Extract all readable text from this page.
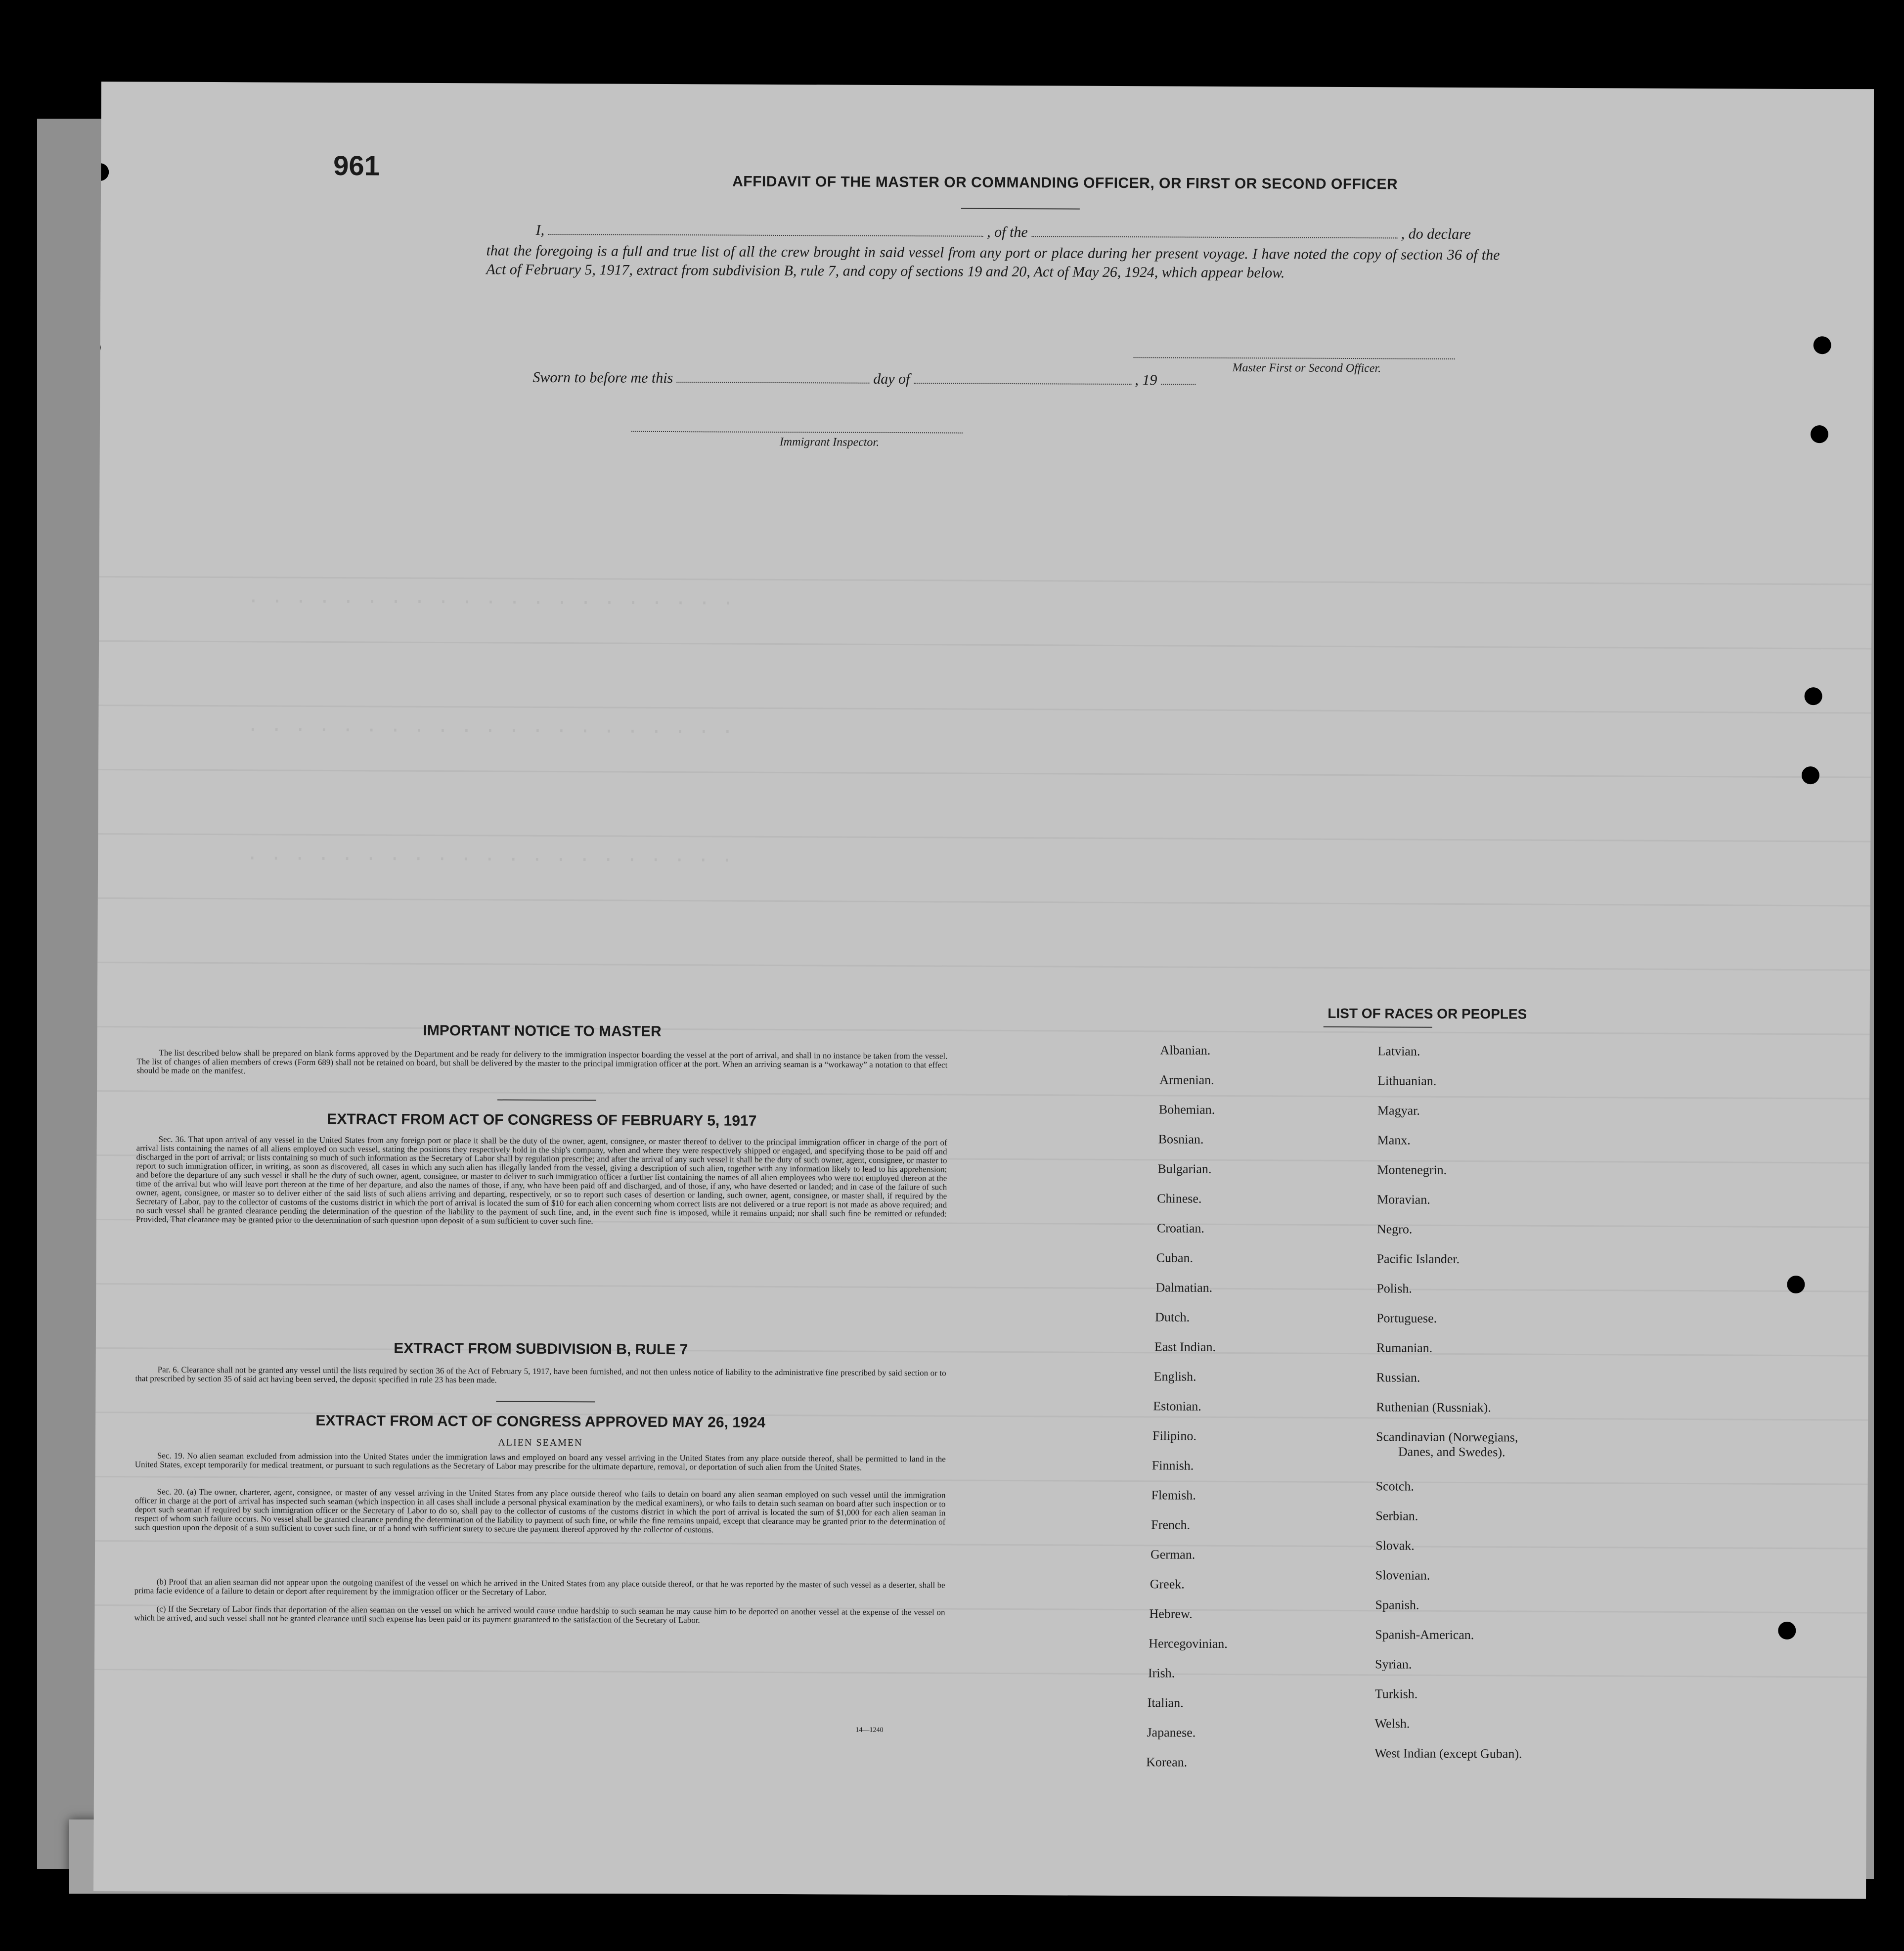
961
AFFIDAVIT OF THE MASTER OR COMMANDING OFFICER, OR FIRST OR SECOND OFFICER
I,	, of the	, do declare
that the foregoing is a full and true list of all the crew brought in said vessel from any port or place during her present voyage. I have noted the copy of section 36 of the Act of February 5, 1917, extract from subdivision B, rule 7, and copy of sections 19 and 20, Act of May 26, 1924, which appear below.
Master First or Second Officer.
Sworn to before me this	day of	, 19
Immigrant Inspector.
. . . . . . . . . . . . . . . . . . . . .
. . . . . . . . . . . . . . . . . . . . .
. . . . . . . . . . . . . . . . . . . . .
IMPORTANT NOTICE TO MASTER
The list described below shall be prepared on blank forms approved by the Department and be ready for delivery to the immigration inspector boarding the vessel at the port of arrival, and shall in no instance be taken from the vessel. The list of changes of alien members of crews (Form 689) shall not be retained on board, but shall be delivered by the master to the principal immigration officer at the port. When an arriving seaman is a “workaway” a notation to that effect should be made on the manifest.
EXTRACT FROM ACT OF CONGRESS OF FEBRUARY 5, 1917
Sec. 36. That upon arrival of any vessel in the United States from any foreign port or place it shall be the duty of the owner, agent, consignee, or master thereof to deliver to the principal immigration officer in charge of the port of arrival lists containing the names of all aliens employed on such vessel, stating the positions they respectively hold in the ship's company, when and where they were respectively shipped or engaged, and specifying those to be paid off and discharged in the port of arrival; or lists containing so much of such information as the Secretary of Labor shall by regulation prescribe; and after the arrival of any such vessel it shall be the duty of such owner, agent, consignee, or master to report to such immigration officer, in writing, as soon as discovered, all cases in which any such alien has illegally landed from the vessel, giving a description of such alien, together with any information likely to lead to his apprehension; and before the departure of any such vessel it shall be the duty of such owner, agent, consignee, or master to deliver to such immigration officer a further list containing the names of all alien employees who were not employed thereon at the time of the arrival but who will leave port thereon at the time of her departure, and also the names of those, if any, who have been paid off and discharged, and of those, if any, who have deserted or landed; and in case of the failure of such owner, agent, consignee, or master so to deliver either of the said lists of such aliens arriving and departing, respectively, or so to report such cases of desertion or landing, such owner, agent, consignee, or master shall, if required by the Secretary of Labor, pay to the collector of customs of the customs district in which the port of arrival is located the sum of $10 for each alien concerning whom correct lists are not delivered or a true report is not made as above required; and no such vessel shall be granted clearance pending the determination of the question of the liability to the payment of such fine, and, in the event such fine is imposed, while it remains unpaid; nor shall such fine be remitted or refunded: Provided, That clearance may be granted prior to the determination of such question upon deposit of a sum sufficient to cover such fine.
EXTRACT FROM SUBDIVISION B, RULE 7
Par. 6. Clearance shall not be granted any vessel until the lists required by section 36 of the Act of February 5, 1917, have been furnished, and not then unless notice of liability to the administrative fine prescribed by said section or to that prescribed by section 35 of said act having been served, the deposit specified in rule 23 has been made.
EXTRACT FROM ACT OF CONGRESS APPROVED MAY 26, 1924
ALIEN SEAMEN
Sec. 19. No alien seaman excluded from admission into the United States under the immigration laws and employed on board any vessel arriving in the United States from any place outside thereof, shall be permitted to land in the United States, except temporarily for medical treatment, or pursuant to such regulations as the Secretary of Labor may prescribe for the ultimate departure, removal, or deportation of such alien from the United States.
Sec. 20. (a) The owner, charterer, agent, consignee, or master of any vessel arriving in the United States from any place outside thereof who fails to detain on board any alien seaman employed on such vessel until the immigration officer in charge at the port of arrival has inspected such seaman (which inspection in all cases shall include a personal physical examination by the medical examiners), or who fails to detain such seaman on board after such inspection or to deport such seaman if required by such immigration officer or the Secretary of Labor to do so, shall pay to the collector of customs of the customs district in which the port of arrival is located the sum of $1,000 for each alien seaman in respect of whom such failure occurs. No vessel shall be granted clearance pending the determination of the liability to payment of such fine, or while the fine remains unpaid, except that clearance may be granted prior to the determination of such question upon the deposit of a sum sufficient to cover such fine, or of a bond with sufficient surety to secure the payment thereof approved by the collector of customs.
(b) Proof that an alien seaman did not appear upon the outgoing manifest of the vessel on which he arrived in the United States from any place outside thereof, or that he was reported by the master of such vessel as a deserter, shall be prima facie evidence of a failure to detain or deport after requirement by the immigration officer or the Secretary of Labor.
(c) If the Secretary of Labor finds that deportation of the alien seaman on the vessel on which he arrived would cause undue hardship to such seaman he may cause him to be deported on another vessel at the expense of the vessel on which he arrived, and such vessel shall not be granted clearance until such expense has been paid or its payment guaranteed to the satisfaction of the Secretary of Labor.
14—1240
LIST OF RACES OR PEOPLES
Albanian.
Armenian.
Bohemian.
Bosnian.
Bulgarian.
Chinese.
Croatian.
Cuban.
Dalmatian.
Dutch.
East Indian.
English.
Estonian.
Filipino.
Finnish.
Flemish.
French.
German.
Greek.
Hebrew.
Hercegovinian.
Irish.
Italian.
Japanese.
Korean.
Latvian.
Lithuanian.
Magyar.
Manx.
Montenegrin.
Moravian.
Negro.
Pacific Islander.
Polish.
Portuguese.
Rumanian.
Russian.
Ruthenian (Russniak).
Scandinavian (Norwegians,
Danes, and Swedes).
Scotch.
Serbian.
Slovak.
Slovenian.
Spanish.
Spanish-American.
Syrian.
Turkish.
Welsh.
West Indian (except Guban).
